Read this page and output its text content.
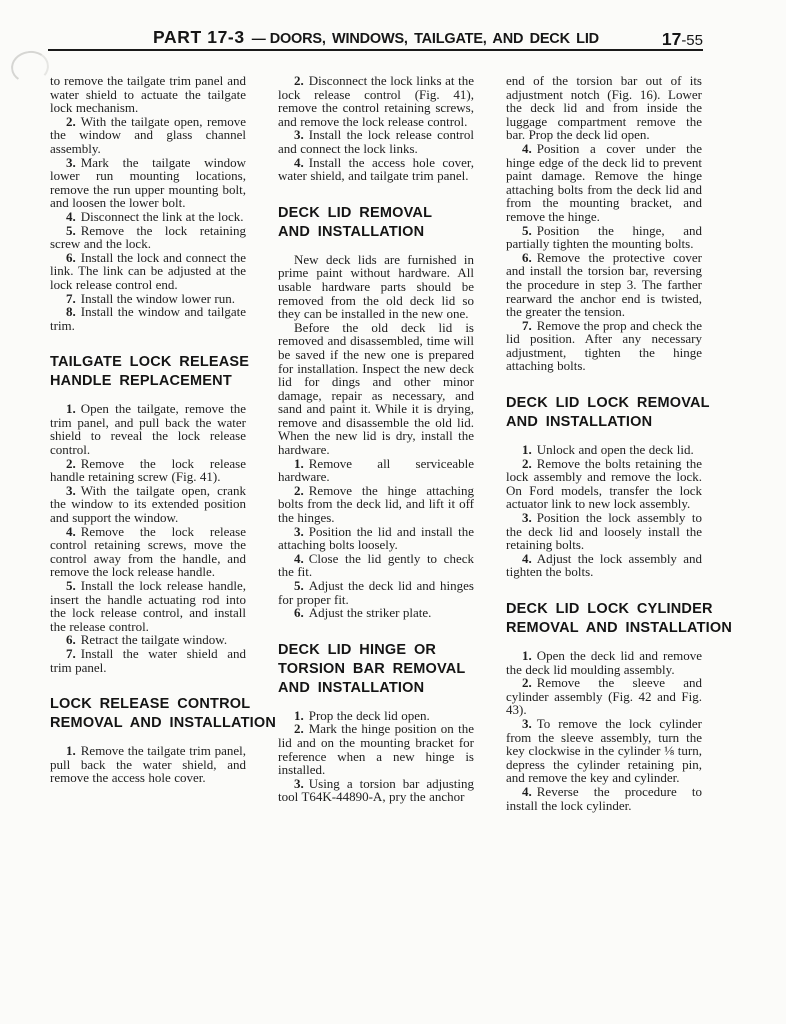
PART 17-3 — DOORS, WINDOWS, TAILGATE, AND DECK LID	17-55

to remove the tailgate trim panel and water shield to actuate the tailgate lock mechanism.

2. With the tailgate open, remove the window and glass channel assembly.

3. Mark the tailgate window lower run mounting locations, remove the run upper mounting bolt, and loosen the lower bolt.

4. Disconnect the link at the lock.

5. Remove the lock retaining screw and the lock.

6. Install the lock and connect the link. The link can be adjusted at the lock release control end.

7. Install the window lower run.

8. Install the window and tailgate trim.

TAILGATE LOCK RELEASE
HANDLE REPLACEMENT

1. Open the tailgate, remove the trim panel, and pull back the water shield to reveal the lock release control.

2. Remove the lock release handle retaining screw (Fig. 41).

3. With the tailgate open, crank the window to its extended position and support the window.

4. Remove the lock release control retaining screws, move the control away from the handle, and remove the lock release handle.

5. Install the lock release handle, insert the handle actuating rod into the lock release control, and install the release control.

6. Retract the tailgate window.

7. Install the water shield and trim panel.

LOCK RELEASE CONTROL
REMOVAL AND INSTALLATION

1. Remove the tailgate trim panel, pull back the water shield, and remove the access hole cover.

2. Disconnect the lock links at the lock release control (Fig. 41), remove the control retaining screws, and remove the lock release control.

3. Install the lock release control and connect the lock links.

4. Install the access hole cover, water shield, and tailgate trim panel.

DECK LID REMOVAL
AND INSTALLATION

New deck lids are furnished in prime paint without hardware. All usable hardware parts should be removed from the old deck lid so they can be installed in the new one.

Before the old deck lid is removed and disassembled, time will be saved if the new one is prepared for installation. Inspect the new deck lid for dings and other minor damage, repair as necessary, and sand and paint it. While it is drying, remove and disassemble the old lid. When the new lid is dry, install the hardware.

1. Remove all serviceable hardware.

2. Remove the hinge attaching bolts from the deck lid, and lift it off the hinges.

3. Position the lid and install the attaching bolts loosely.

4. Close the lid gently to check the fit.

5. Adjust the deck lid and hinges for proper fit.

6. Adjust the striker plate.

DECK LID HINGE OR
TORSION BAR REMOVAL
AND INSTALLATION

1. Prop the deck lid open.

2. Mark the hinge position on the lid and on the mounting bracket for reference when a new hinge is installed.

3. Using a torsion bar adjusting tool T64K-44890-A, pry the anchor

end of the torsion bar out of its adjustment notch (Fig. 16). Lower the deck lid and from inside the luggage compartment remove the bar. Prop the deck lid open.

4. Position a cover under the hinge edge of the deck lid to prevent paint damage. Remove the hinge attaching bolts from the deck lid and from the mounting bracket, and remove the hinge.

5. Position the hinge, and partially tighten the mounting bolts.

6. Remove the protective cover and install the torsion bar, reversing the procedure in step 3. The farther rearward the anchor end is twisted, the greater the tension.

7. Remove the prop and check the lid position. After any necessary adjustment, tighten the hinge attaching bolts.

DECK LID LOCK REMOVAL
AND INSTALLATION

1. Unlock and open the deck lid.

2. Remove the bolts retaining the lock assembly and remove the lock. On Ford models, transfer the lock actuator link to new lock assembly.

3. Position the lock assembly to the deck lid and loosely install the retaining bolts.

4. Adjust the lock assembly and tighten the bolts.

DECK LID LOCK CYLINDER
REMOVAL AND INSTALLATION

1. Open the deck lid and remove the deck lid moulding assembly.

2. Remove the sleeve and cylinder assembly (Fig. 42 and Fig. 43).

3. To remove the lock cylinder from the sleeve assembly, turn the key clockwise in the cylinder ⅛ turn, depress the cylinder retaining pin, and remove the key and cylinder.

4. Reverse the procedure to install the lock cylinder.
